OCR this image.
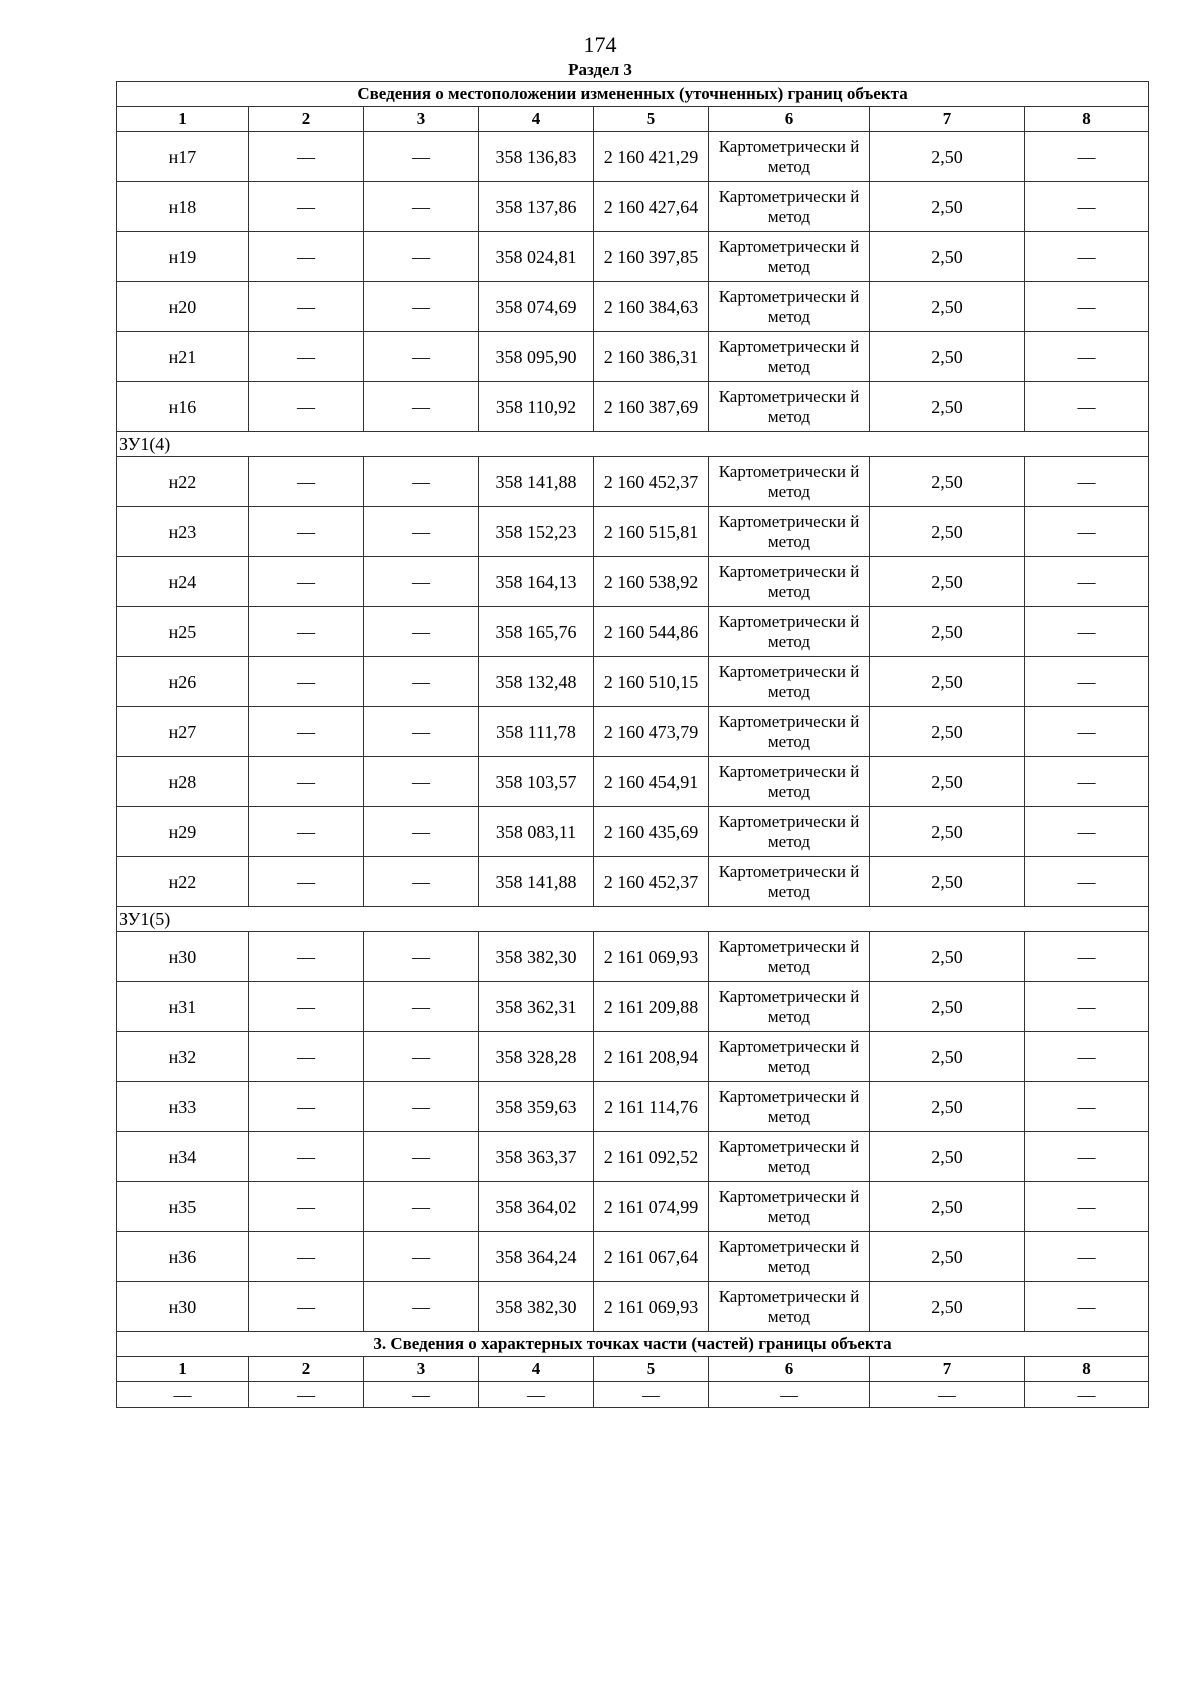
174
Раздел 3
Сведения о местоположении измененных (уточненных) границ объекта							
1	2	3	4	5	6	7	8
н17	—	—	358 136,83	2 160 421,29	Картометрически й метод	2,50	—
н18	—	—	358 137,86	2 160 427,64	Картометрически й метод	2,50	—
н19	—	—	358 024,81	2 160 397,85	Картометрически й метод	2,50	—
н20	—	—	358 074,69	2 160 384,63	Картометрически й метод	2,50	—
н21	—	—	358 095,90	2 160 386,31	Картометрически й метод	2,50	—
н16	—	—	358 110,92	2 160 387,69	Картометрически й метод	2,50	—
ЗУ1(4)							
н22	—	—	358 141,88	2 160 452,37	Картометрически й метод	2,50	—
н23	—	—	358 152,23	2 160 515,81	Картометрически й метод	2,50	—
н24	—	—	358 164,13	2 160 538,92	Картометрически й метод	2,50	—
н25	—	—	358 165,76	2 160 544,86	Картометрически й метод	2,50	—
н26	—	—	358 132,48	2 160 510,15	Картометрически й метод	2,50	—
н27	—	—	358 111,78	2 160 473,79	Картометрически й метод	2,50	—
н28	—	—	358 103,57	2 160 454,91	Картометрически й метод	2,50	—
н29	—	—	358 083,11	2 160 435,69	Картометрически й метод	2,50	—
н22	—	—	358 141,88	2 160 452,37	Картометрически й метод	2,50	—
ЗУ1(5)							
н30	—	—	358 382,30	2 161 069,93	Картометрически й метод	2,50	—
н31	—	—	358 362,31	2 161 209,88	Картометрически й метод	2,50	—
н32	—	—	358 328,28	2 161 208,94	Картометрически й метод	2,50	—
н33	—	—	358 359,63	2 161 114,76	Картометрически й метод	2,50	—
н34	—	—	358 363,37	2 161 092,52	Картометрически й метод	2,50	—
н35	—	—	358 364,02	2 161 074,99	Картометрически й метод	2,50	—
н36	—	—	358 364,24	2 161 067,64	Картометрически й метод	2,50	—
н30	—	—	358 382,30	2 161 069,93	Картометрически й метод	2,50	—
3. Сведения о характерных точках части (частей) границы объекта							
1	2	3	4	5	6	7	8
—	—	—	—	—	—	—	—
